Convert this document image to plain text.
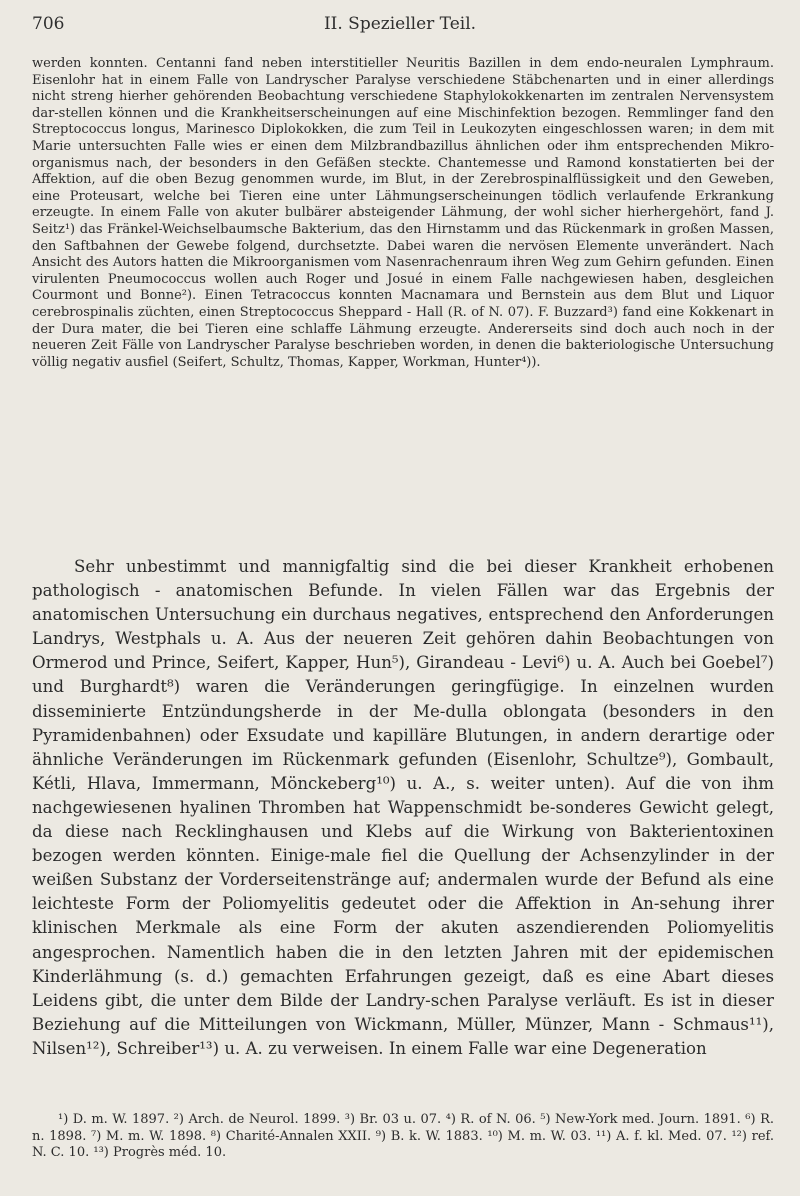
706	II. Spezieller Teil.

werden konnten. Centanni fand neben interstitieller Neuritis Bazillen in dem endo-neuralen Lymphraum. Eisenlohr hat in einem Falle von Landryscher Paralyse verschiedene Stäbchenarten und in einer allerdings nicht streng hierher gehörenden Beobachtung verschiedene Staphylokokkenarten im zentralen Nervensystem dar-stellen können und die Krankheitserscheinungen auf eine Mischinfektion bezogen. Remmlinger fand den Streptococcus longus, Marinesco Diplokokken, die zum Teil in Leukozyten eingeschlossen waren; in dem mit Marie untersuchten Falle wies er einen dem Milzbrandbazillus ähnlichen oder ihm entsprechenden Mikro-organismus nach, der besonders in den Gefäßen steckte. Chantemesse und Ramond konstatierten bei der Affektion, auf die oben Bezug genommen wurde, im Blut, in der Zerebrospinalflüssigkeit und den Geweben, eine Proteusart, welche bei Tieren eine unter Lähmungserscheinungen tödlich verlaufende Erkrankung erzeugte. In einem Falle von akuter bulbärer absteigender Lähmung, der wohl sicher hierhergehört, fand J. Seitz¹) das Fränkel-Weichselbaumsche Bakterium, das den Hirnstamm und das Rückenmark in großen Massen, den Saftbahnen der Gewebe folgend, durchsetzte. Dabei waren die nervösen Elemente unverändert. Nach Ansicht des Autors hatten die Mikroorganismen vom Nasenrachenraum ihren Weg zum Gehirn gefunden. Einen virulenten Pneumococcus wollen auch Roger und Josué in einem Falle nachgewiesen haben, desgleichen Courmont und Bonne²). Einen Tetracoccus konnten Macnamara und Bernstein aus dem Blut und Liquor cerebrospinalis züchten, einen Streptococcus Sheppard - Hall (R. of N. 07). F. Buzzard³) fand eine Kokkenart in der Dura mater, die bei Tieren eine schlaffe Lähmung erzeugte. Andererseits sind doch auch noch in der neueren Zeit Fälle von Landryscher Paralyse beschrieben worden, in denen die bakteriologische Untersuchung völlig negativ ausfiel (Seifert, Schultz, Thomas, Kapper, Workman, Hunter⁴)).

Sehr unbestimmt und mannigfaltig sind die bei dieser Krankheit erhobenen pathologisch - anatomischen Befunde. In vielen Fällen war das Ergebnis der anatomischen Untersuchung ein durchaus negatives, entsprechend den Anforderungen Landrys, Westphals u. A. Aus der neueren Zeit gehören dahin Beobachtungen von Ormerod und Prince, Seifert, Kapper, Hun⁵), Girandeau - Levi⁶) u. A. Auch bei Goebel⁷) und Burghardt⁸) waren die Veränderungen geringfügige. In einzelnen wurden disseminierte Entzündungsherde in der Me-dulla oblongata (besonders in den Pyramidenbahnen) oder Exsudate und kapilläre Blutungen, in andern derartige oder ähnliche Veränderungen im Rückenmark gefunden (Eisenlohr, Schultze⁹), Gombault, Kétli, Hlava, Immermann, Mönckeberg¹⁰) u. A., s. weiter unten). Auf die von ihm nachgewiesenen hyalinen Thromben hat Wappenschmidt be-sonderes Gewicht gelegt, da diese nach Recklinghausen und Klebs auf die Wirkung von Bakterientoxinen bezogen werden könnten. Einige-male fiel die Quellung der Achsenzylinder in der weißen Substanz der Vorderseitenstränge auf; andermalen wurde der Befund als eine leichteste Form der Poliomyelitis gedeutet oder die Affektion in An-sehung ihrer klinischen Merkmale als eine Form der akuten aszendierenden Poliomyelitis angesprochen. Namentlich haben die in den letzten Jahren mit der epidemischen Kinderlähmung (s. d.) gemachten Erfahrungen gezeigt, daß es eine Abart dieses Leidens gibt, die unter dem Bilde der Landry-schen Paralyse verläuft. Es ist in dieser Beziehung auf die Mitteilungen von Wickmann, Müller, Münzer, Mann - Schmaus¹¹), Nilsen¹²), Schreiber¹³) u. A. zu verweisen. In einem Falle war eine Degeneration

¹) D. m. W. 1897. ²) Arch. de Neurol. 1899. ³) Br. 03 u. 07. ⁴) R. of N. 06. ⁵) New-York med. Journ. 1891. ⁶) R. n. 1898. ⁷) M. m. W. 1898. ⁸) Charité-Annalen XXII. ⁹) B. k. W. 1883. ¹⁰) M. m. W. 03. ¹¹) A. f. kl. Med. 07. ¹²) ref. N. C. 10. ¹³) Progrès méd. 10.
